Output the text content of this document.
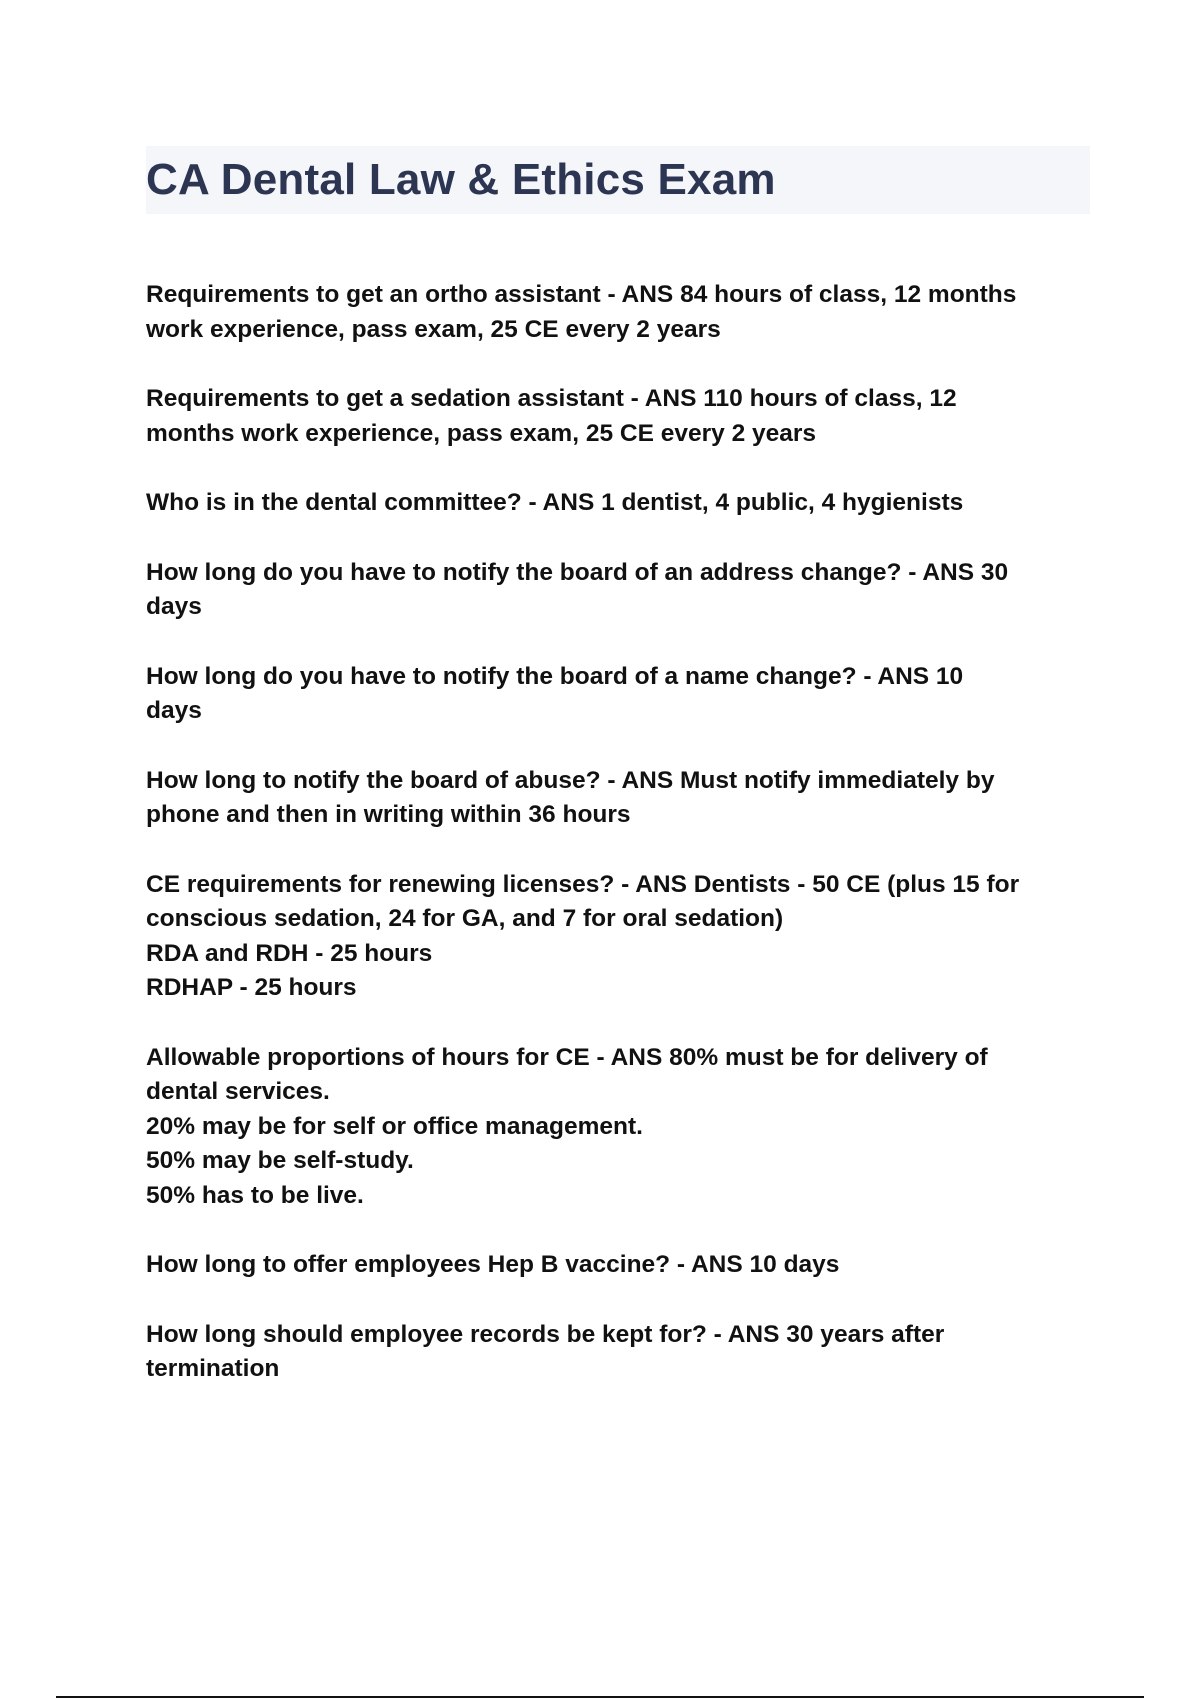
CA Dental Law & Ethics Exam
Requirements to get an ortho assistant - ANS 84 hours of class, 12 months
work experience, pass exam, 25 CE every 2 years
Requirements to get a sedation assistant - ANS 110 hours of class, 12
months work experience, pass exam, 25 CE every 2 years
Who is in the dental committee? - ANS 1 dentist, 4 public, 4 hygienists
How long do you have to notify the board of an address change? - ANS 30
days
How long do you have to notify the board of a name change? - ANS 10
days
How long to notify the board of abuse? - ANS Must notify immediately by
phone and then in writing within 36 hours
CE requirements for renewing licenses? - ANS Dentists - 50 CE (plus 15 for
conscious sedation, 24 for GA, and 7 for oral sedation)
RDA and RDH - 25 hours
RDHAP - 25 hours
Allowable proportions of hours for CE - ANS 80% must be for delivery of
dental services.
20% may be for self or office management.
50% may be self-study.
50% has to be live.
How long to offer employees Hep B vaccine? - ANS 10 days
How long should employee records be kept for? - ANS 30 years after
termination
